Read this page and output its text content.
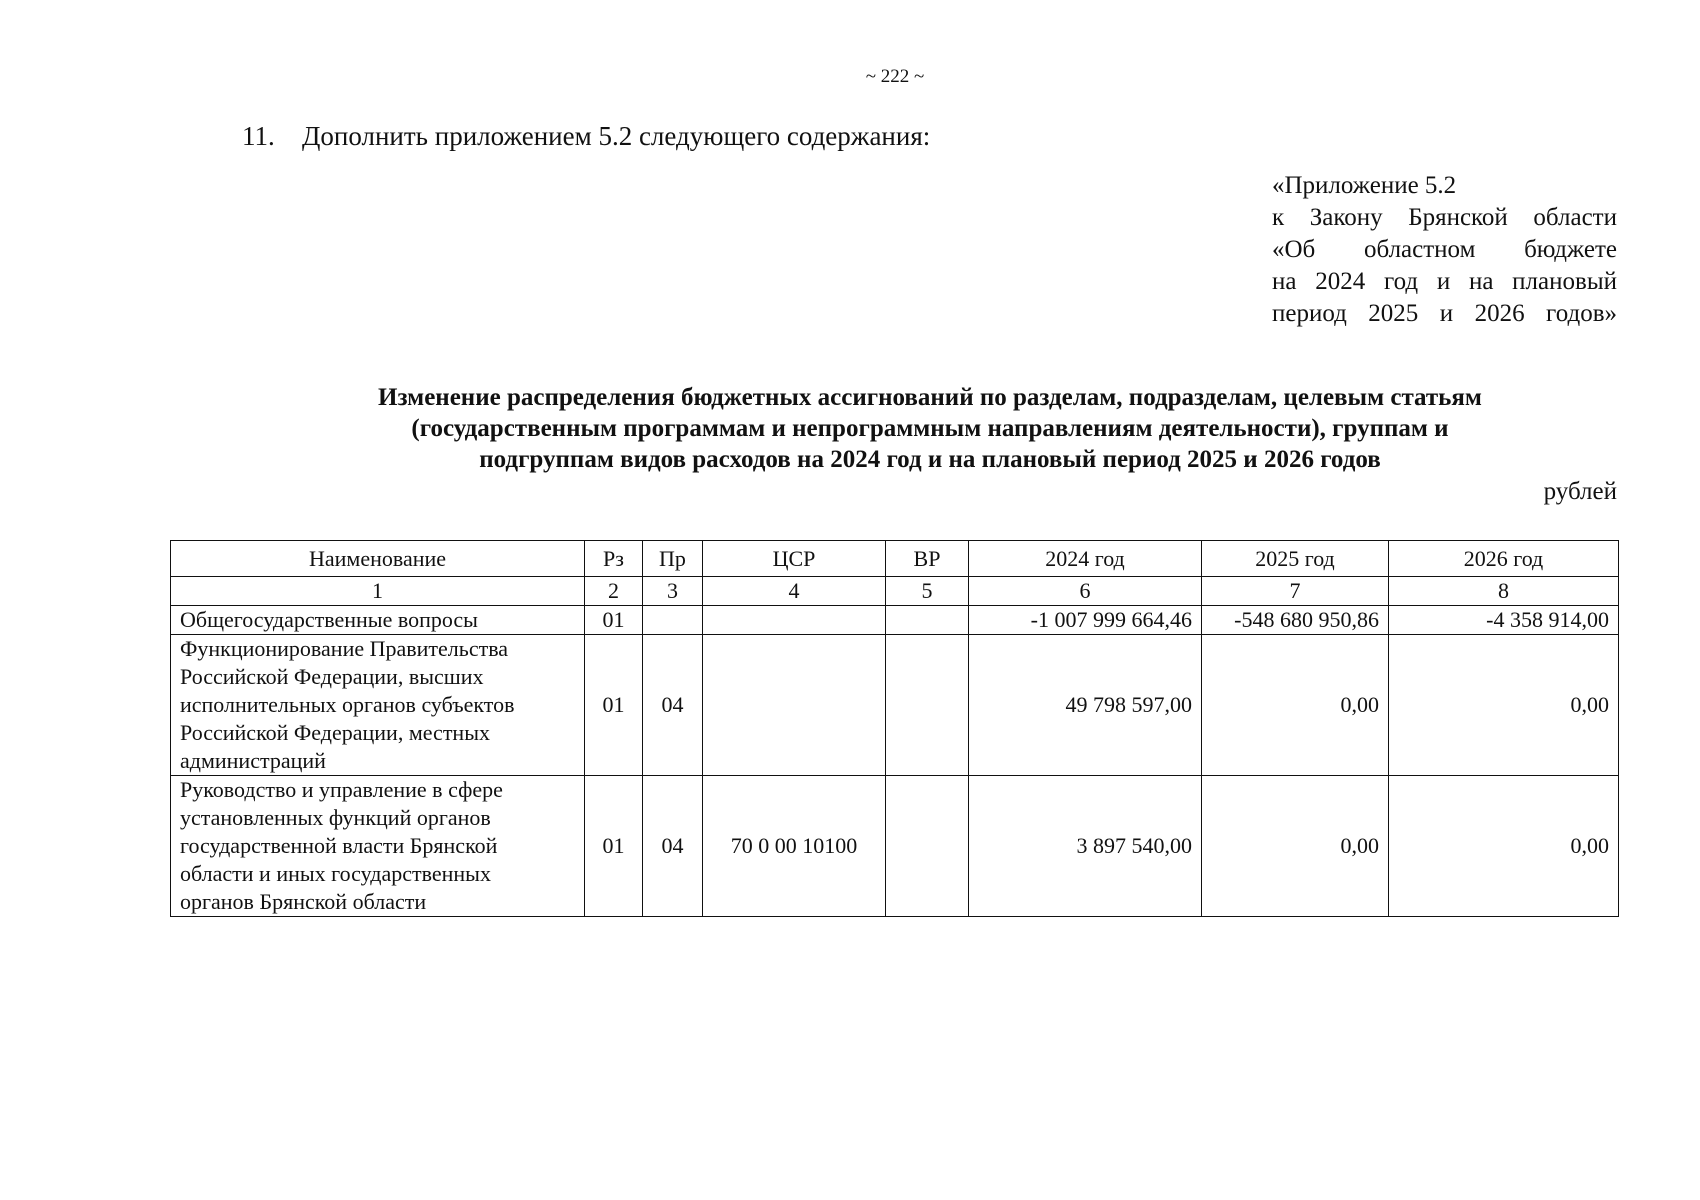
~ 222 ~
11. Дополнить приложением 5.2 следующего содержания:
«Приложение 5.2
к Закону Брянской области
«Об областном бюджете
на 2024 год и на плановый
период 2025 и 2026 годов»
Изменение распределения бюджетных ассигнований по разделам, подразделам, целевым статьям
(государственным программам и непрограммным направлениям деятельности), группам и
подгруппам видов расходов на 2024 год и на плановый период 2025 и 2026 годов
рублей
Наименование	Рз	Пр	ЦСР	ВР	2024 год	2025 год	2026 год
1	2	3	4	5	6	7	8

Общегосударственные вопросы	01				-1 007 999 664,46	-548 680 950,86	-4 358 914,00

Функционирование Правительства
Российской Федерации, высших
исполнительных органов субъектов
Российской Федерации, местных
администраций	01	04			49 798 597,00	0,00	0,00

Руководство и управление в сфере
установленных функций органов
государственной власти Брянской
области и иных государственных
органов Брянской области	01	04	70 0 00 10100		3 897 540,00	0,00	0,00
